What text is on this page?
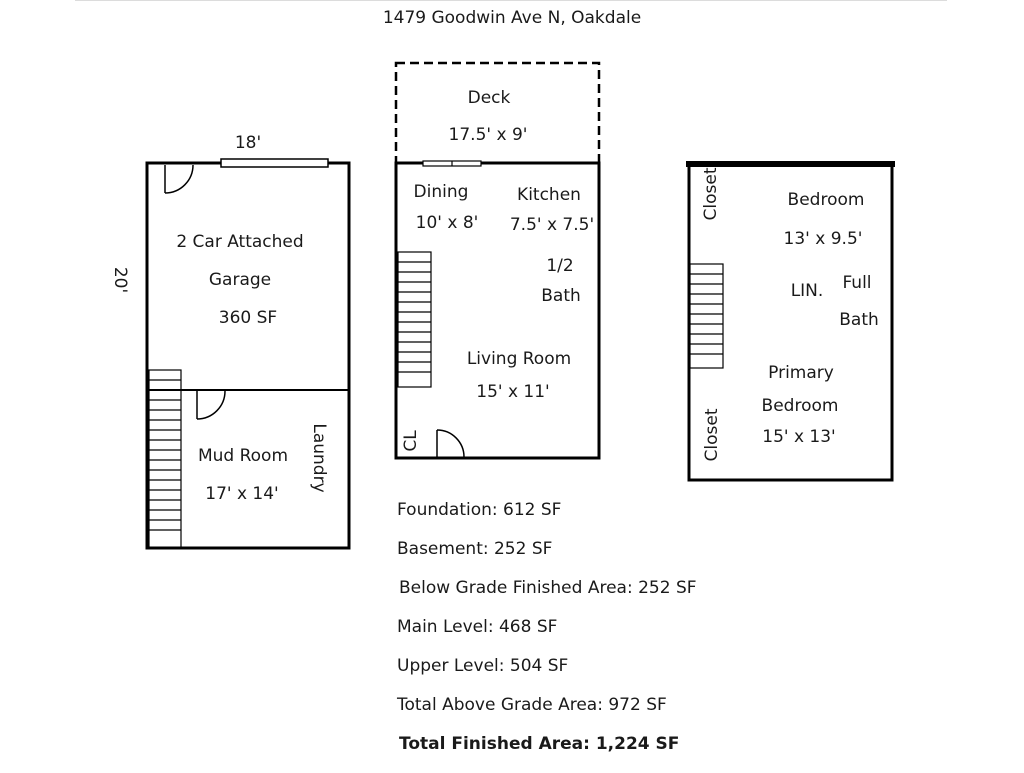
1479 Goodwin Ave N, Oakdale
18'
20'
2 Car Attached
Garage
360 SF
Mud Room
17' x 14'
Laundry
Deck
17.5' x 9'
Dining
10' x 8'
Kitchen
7.5' x 7.5'
1/2
Bath
Living Room
15' x 11'
CL
Closet
Closet
Bedroom
13' x 9.5'
LIN. Full
Bath
Primary
Bedroom
15' x 13'
Foundation: 612 SF
Basement: 252 SF
Below Grade Finished Area: 252 SF
Main Level: 468 SF
Upper Level: 504 SF
Total Above Grade Area: 972 SF
Total Finished Area: 1,224 SF
